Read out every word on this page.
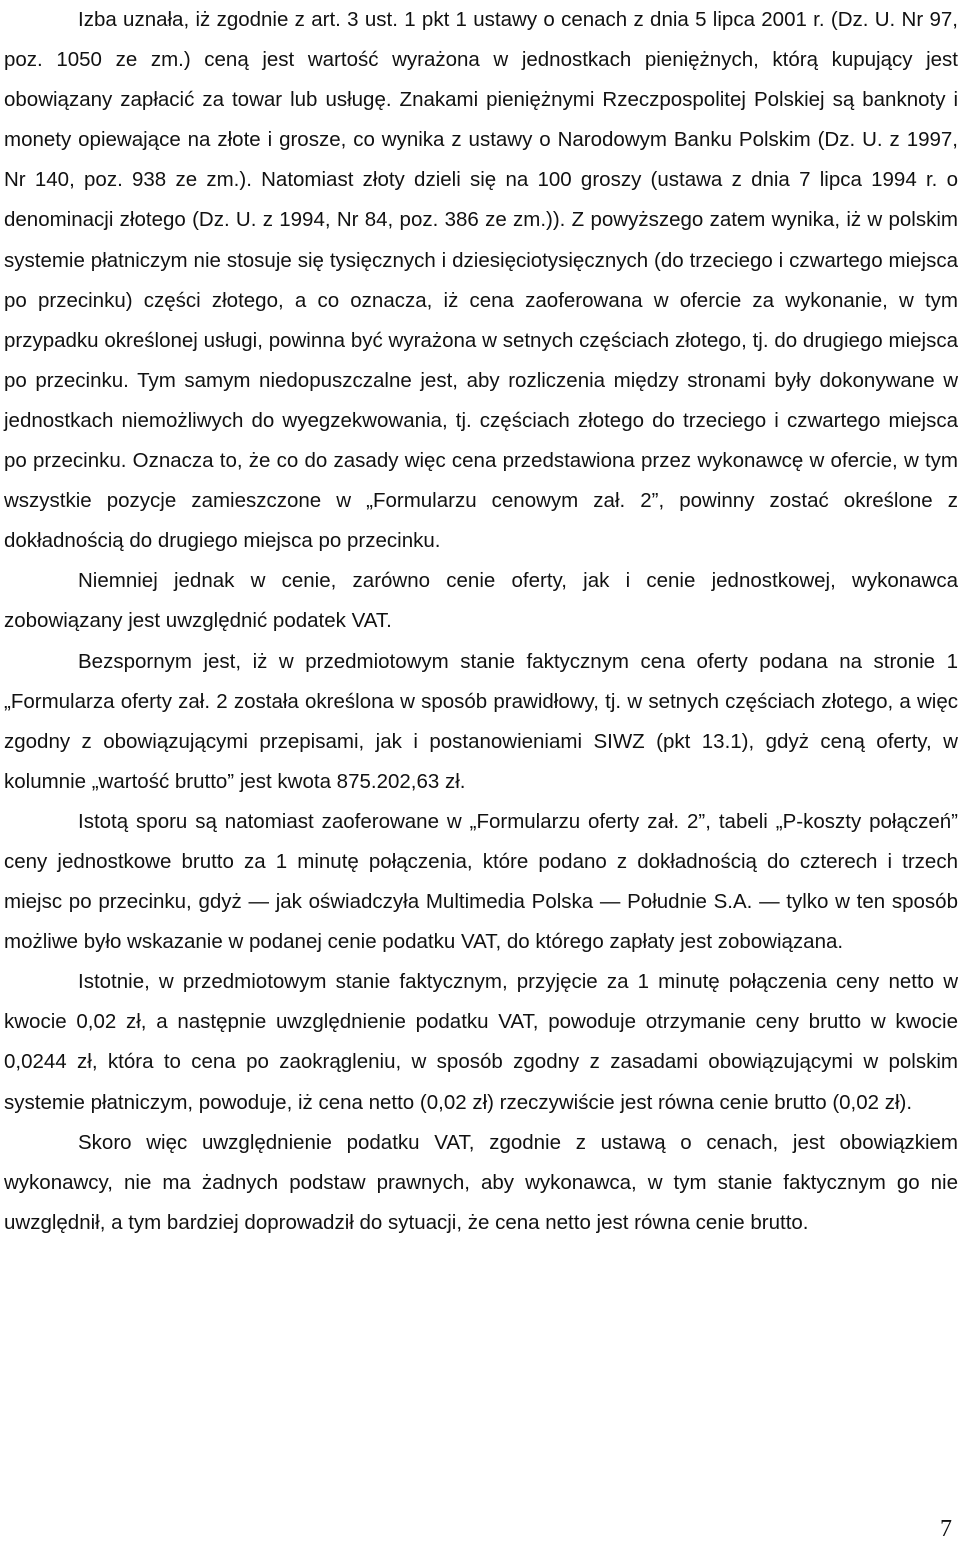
Izba uznała, iż zgodnie z art. 3 ust. 1 pkt 1 ustawy o cenach z dnia 5 lipca 2001 r. (Dz. U. Nr 97, poz. 1050 ze zm.) ceną jest wartość wyrażona w jednostkach pieniężnych, którą kupujący jest obowiązany zapłacić za towar lub usługę. Znakami pieniężnymi Rzeczpospolitej Polskiej są banknoty i monety opiewające na złote i grosze, co wynika z ustawy o Narodowym Banku Polskim (Dz. U. z 1997, Nr 140, poz. 938 ze zm.). Natomiast złoty dzieli się na 100 groszy (ustawa z dnia 7 lipca 1994 r. o denominacji złotego (Dz. U. z 1994, Nr 84, poz. 386 ze zm.)). Z powyższego zatem wynika, iż w polskim systemie płatniczym nie stosuje się tysięcznych i dziesięciotysięcznych (do trzeciego i czwartego miejsca po przecinku) części złotego, a co oznacza, iż cena zaoferowana w ofercie za wykonanie, w tym przypadku określonej usługi, powinna być wyrażona w setnych częściach złotego, tj. do drugiego miejsca po przecinku. Tym samym niedopuszczalne jest, aby rozliczenia między stronami były dokonywane w jednostkach niemożliwych do wyegzekwowania, tj. częściach złotego do trzeciego i czwartego miejsca po przecinku. Oznacza to, że co do zasady więc cena przedstawiona przez wykonawcę w ofercie, w tym wszystkie pozycje zamieszczone w „Formularzu cenowym zał. 2”, powinny zostać określone z dokładnością do drugiego miejsca po przecinku.

Niemniej jednak w cenie, zarówno cenie oferty, jak i cenie jednostkowej, wykonawca zobowiązany jest uwzględnić podatek VAT.

Bezspornym jest, iż w przedmiotowym stanie faktycznym cena oferty podana na stronie 1 „Formularza oferty zał. 2 została określona w sposób prawidłowy, tj. w setnych częściach złotego, a więc zgodny z obowiązującymi przepisami, jak i postanowieniami SIWZ (pkt 13.1), gdyż ceną oferty, w kolumnie „wartość brutto” jest kwota 875.202,63 zł.

Istotą sporu są natomiast zaoferowane w „Formularzu oferty zał. 2”, tabeli „P-koszty połączeń” ceny jednostkowe brutto za 1 minutę połączenia, które podano z dokładnością do czterech i trzech miejsc po przecinku, gdyż — jak oświadczyła Multimedia Polska — Południe S.A. — tylko w ten sposób możliwe było wskazanie w podanej cenie podatku VAT, do którego zapłaty jest zobowiązana.

Istotnie, w przedmiotowym stanie faktycznym, przyjęcie za 1 minutę połączenia ceny netto w kwocie 0,02 zł, a następnie uwzględnienie podatku VAT, powoduje otrzymanie ceny brutto w kwocie 0,0244 zł, która to cena po zaokrągleniu, w sposób zgodny z zasadami obowiązującymi w polskim systemie płatniczym, powoduje, iż cena netto (0,02 zł) rzeczywiście jest równa cenie brutto (0,02 zł).

Skoro więc uwzględnienie podatku VAT, zgodnie z ustawą o cenach, jest obowiązkiem wykonawcy, nie ma żadnych podstaw prawnych, aby wykonawca, w tym stanie faktycznym go nie uwzględnił, a tym bardziej doprowadził do sytuacji, że cena netto jest równa cenie brutto.

7
